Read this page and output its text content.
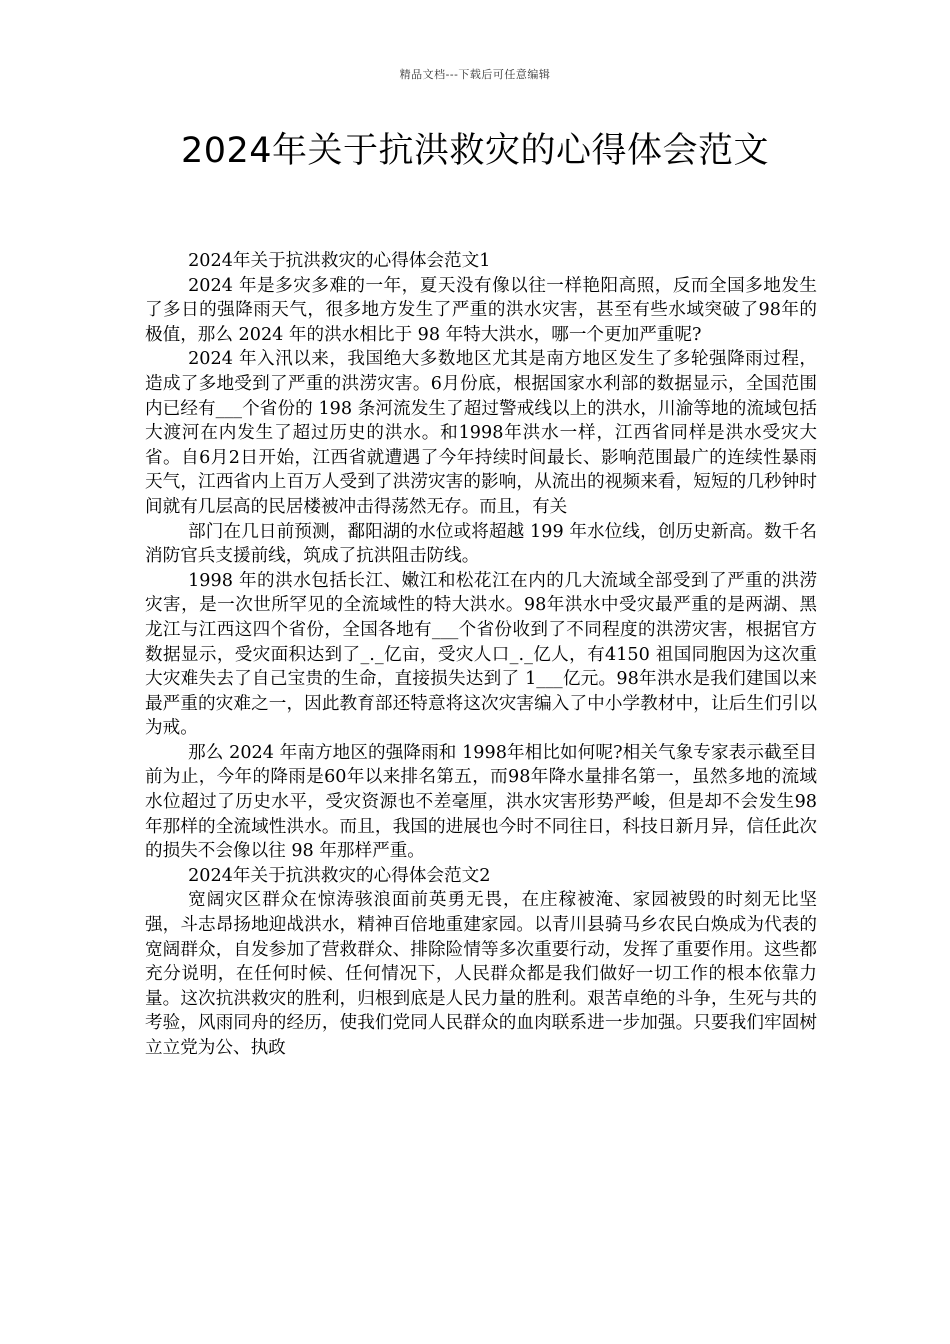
精品文档---下载后可任意编辑
2024年关于抗洪救灾的心得体会范文

2024年关于抗洪救灾的心得体会范文1

2024 年是多灾多难的一年，夏天没有像以往一样艳阳高照，反而全国多地发生了多日的强降雨天气，很多地方发生了严重的洪水灾害，甚至有些水域突破了98年的极值，那么 2024 年的洪水相比于 98 年特大洪水，哪一个更加严重呢?

2024 年入汛以来，我国绝大多数地区尤其是南方地区发生了多轮强降雨过程，造成了多地受到了严重的洪涝灾害。6月份底，根据国家水利部的数据显示，全国范围内已经有___个省份的 198 条河流发生了超过警戒线以上的洪水，川渝等地的流域包括大渡河在内发生了超过历史的洪水。和1998年洪水一样，江西省同样是洪水受灾大省。自6月2日开始，江西省就遭遇了今年持续时间最长、影响范围最广的连续性暴雨天气，江西省内上百万人受到了洪涝灾害的影响，从流出的视频来看，短短的几秒钟时间就有几层高的民居楼被冲击得荡然无存。而且，有关

部门在几日前预测，鄱阳湖的水位或将超越 199 年水位线，创历史新高。数千名消防官兵支援前线，筑成了抗洪阻击防线。

1998 年的洪水包括长江、嫩江和松花江在内的几大流域全部受到了严重的洪涝灾害，是一次世所罕见的全流域性的特大洪水。98年洪水中受灾最严重的是两湖、黑龙江与江西这四个省份，全国各地有___个省份收到了不同程度的洪涝灾害，根据官方数据显示，受灾面积达到了_._亿亩，受灾人口_._亿人，有4150 祖国同胞因为这次重大灾难失去了自己宝贵的生命，直接损失达到了 1___亿元。98年洪水是我们建国以来最严重的灾难之一，因此教育部还特意将这次灾害编入了中小学教材中，让后生们引以为戒。

那么 2024 年南方地区的强降雨和 1998年相比如何呢?相关气象专家表示截至目前为止，今年的降雨是60年以来排名第五，而98年降水量排名第一，虽然多地的流域水位超过了历史水平，受灾资源也不差毫厘，洪水灾害形势严峻，但是却不会发生98 年那样的全流域性洪水。而且，我国的进展也今时不同往日，科技日新月异，信任此次的损失不会像以往 98 年那样严重。

2024年关于抗洪救灾的心得体会范文2

宽阔灾区群众在惊涛骇浪面前英勇无畏，在庄稼被淹、家园被毁的时刻无比坚强，斗志昂扬地迎战洪水，精神百倍地重建家园。以青川县骑马乡农民白焕成为代表的宽阔群众，自发参加了营救群众、排除险情等多次重要行动，发挥了重要作用。这些都充分说明，在任何时候、任何情况下，人民群众都是我们做好一切工作的根本依靠力量。这次抗洪救灾的胜利，归根到底是人民力量的胜利。艰苦卓绝的斗争，生死与共的考验，风雨同舟的经历，使我们党同人民群众的血肉联系进一步加强。只要我们牢固树立立党为公、执政
